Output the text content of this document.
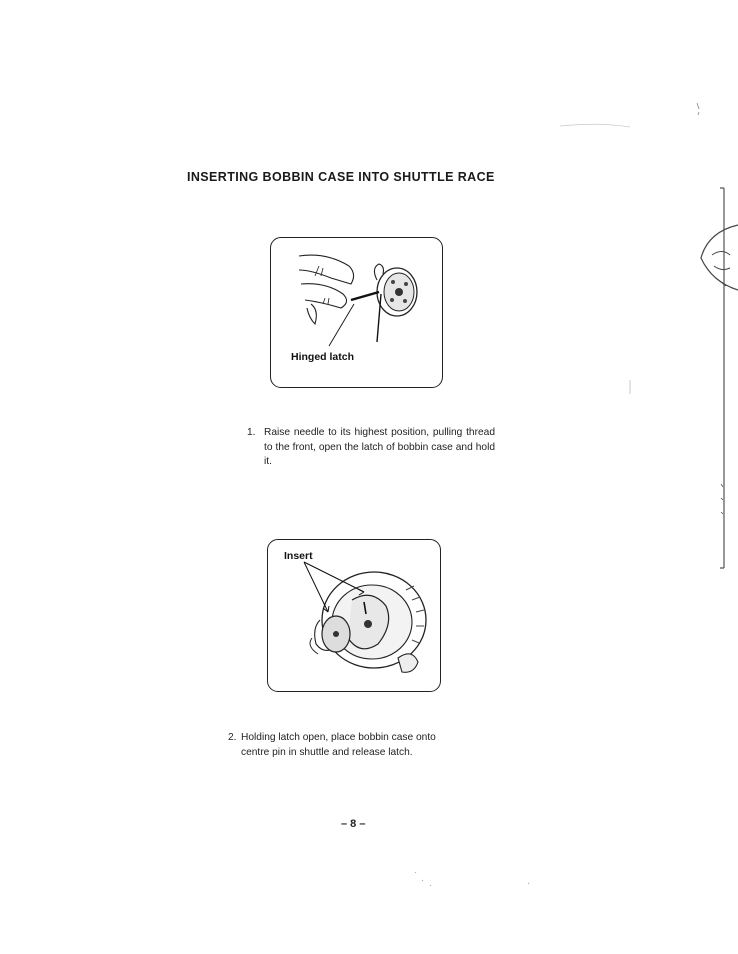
INSERTING BOBBIN CASE INTO SHUTTLE RACE
Hinged latch

1. Raise needle to its highest position, pulling thread to the front, open the latch of bobbin case and hold it.

Insert

2. Holding latch open, place bobbin case onto centre pin in shuttle and release latch.

– 8 –
